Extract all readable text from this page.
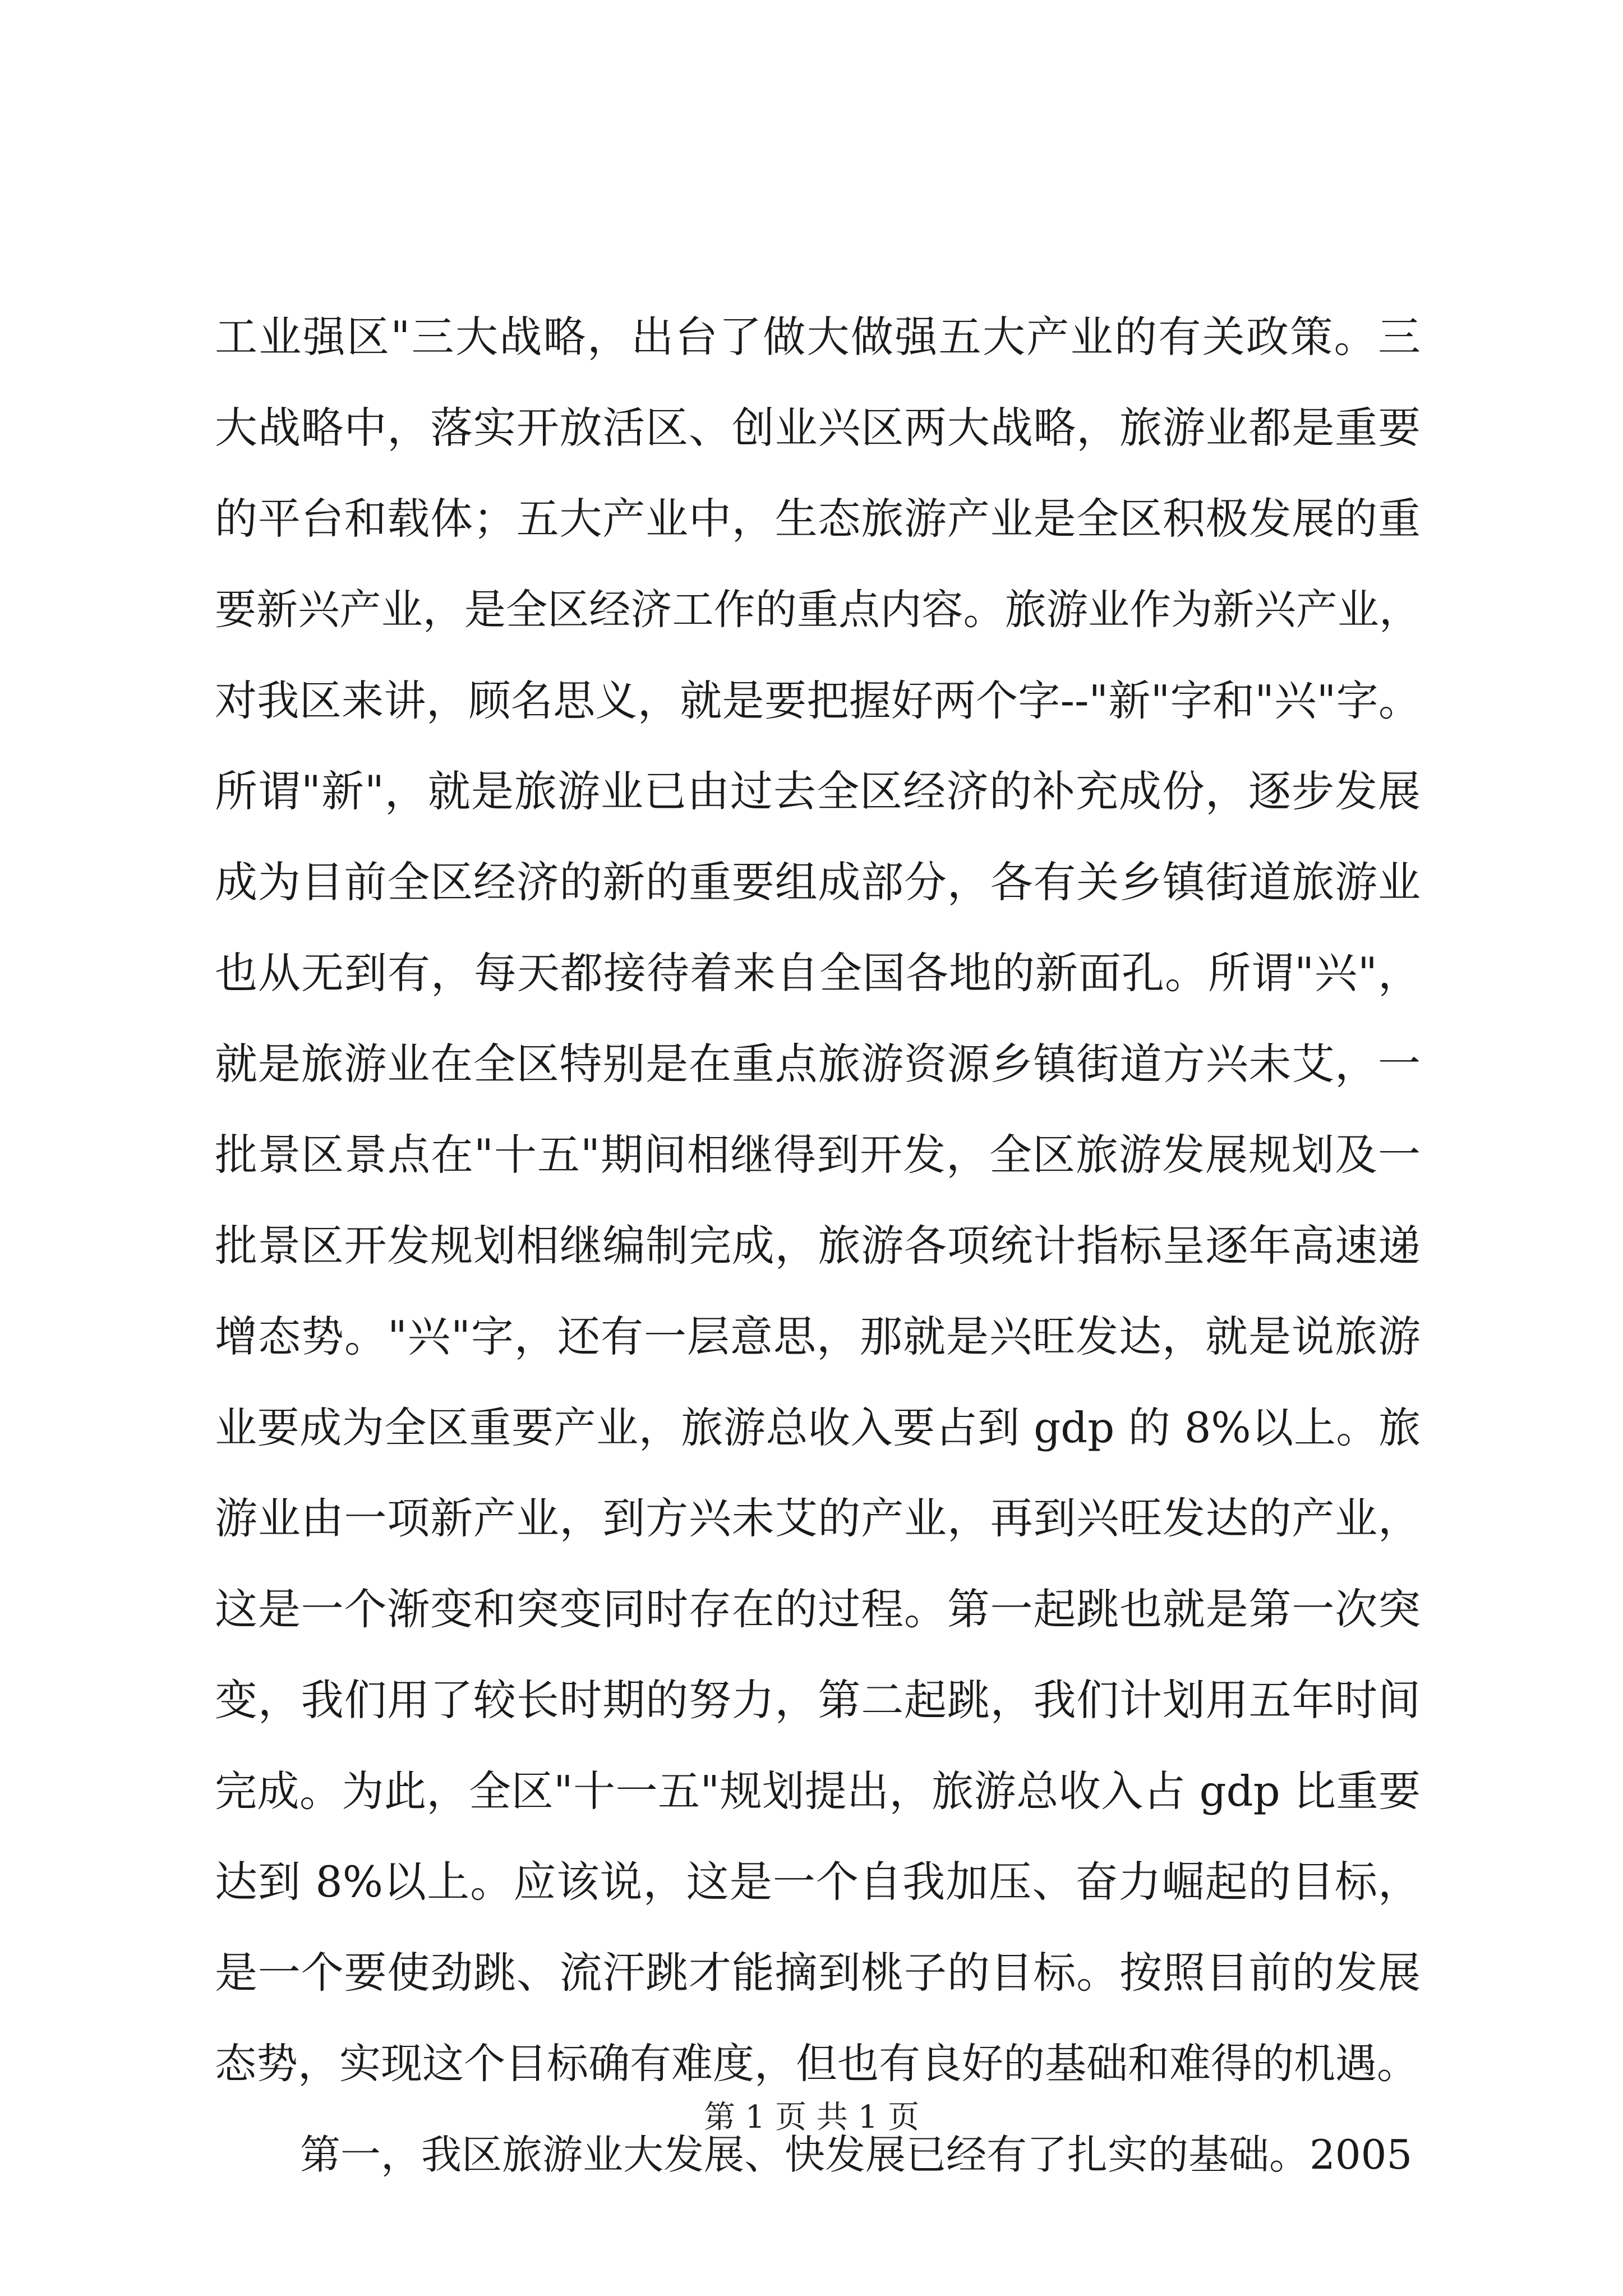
工业强区"三大战略，出台了做大做强五大产业的有关政策。三
大战略中，落实开放活区、创业兴区两大战略，旅游业都是重要
的平台和载体；五大产业中，生态旅游产业是全区积极发展的重
要新兴产业，是全区经济工作的重点内容。旅游业作为新兴产业，
对我区来讲，顾名思义，就是要把握好两个字--"新"字和"兴"字。
所谓"新"，就是旅游业已由过去全区经济的补充成份，逐步发展
成为目前全区经济的新的重要组成部分，各有关乡镇街道旅游业
也从无到有，每天都接待着来自全国各地的新面孔。所谓"兴"，
就是旅游业在全区特别是在重点旅游资源乡镇街道方兴未艾，一
批景区景点在"十五"期间相继得到开发，全区旅游发展规划及一
批景区开发规划相继编制完成，旅游各项统计指标呈逐年高速递
增态势。"兴"字，还有一层意思，那就是兴旺发达，就是说旅游
业要成为全区重要产业，旅游总收入要占到 gdp 的 8%以上。旅
游业由一项新产业，到方兴未艾的产业，再到兴旺发达的产业，
这是一个渐变和突变同时存在的过程。第一起跳也就是第一次突
变，我们用了较长时期的努力，第二起跳，我们计划用五年时间
完成。为此，全区"十一五"规划提出，旅游总收入占 gdp 比重要
达到 8%以上。应该说，这是一个自我加压、奋力崛起的目标，
是一个要使劲跳、流汗跳才能摘到桃子的目标。按照目前的发展
态势，实现这个目标确有难度，但也有良好的基础和难得的机遇。

第一，我区旅游业大发展、快发展已经有了扎实的基础。2005

第 1 页 共 1 页
